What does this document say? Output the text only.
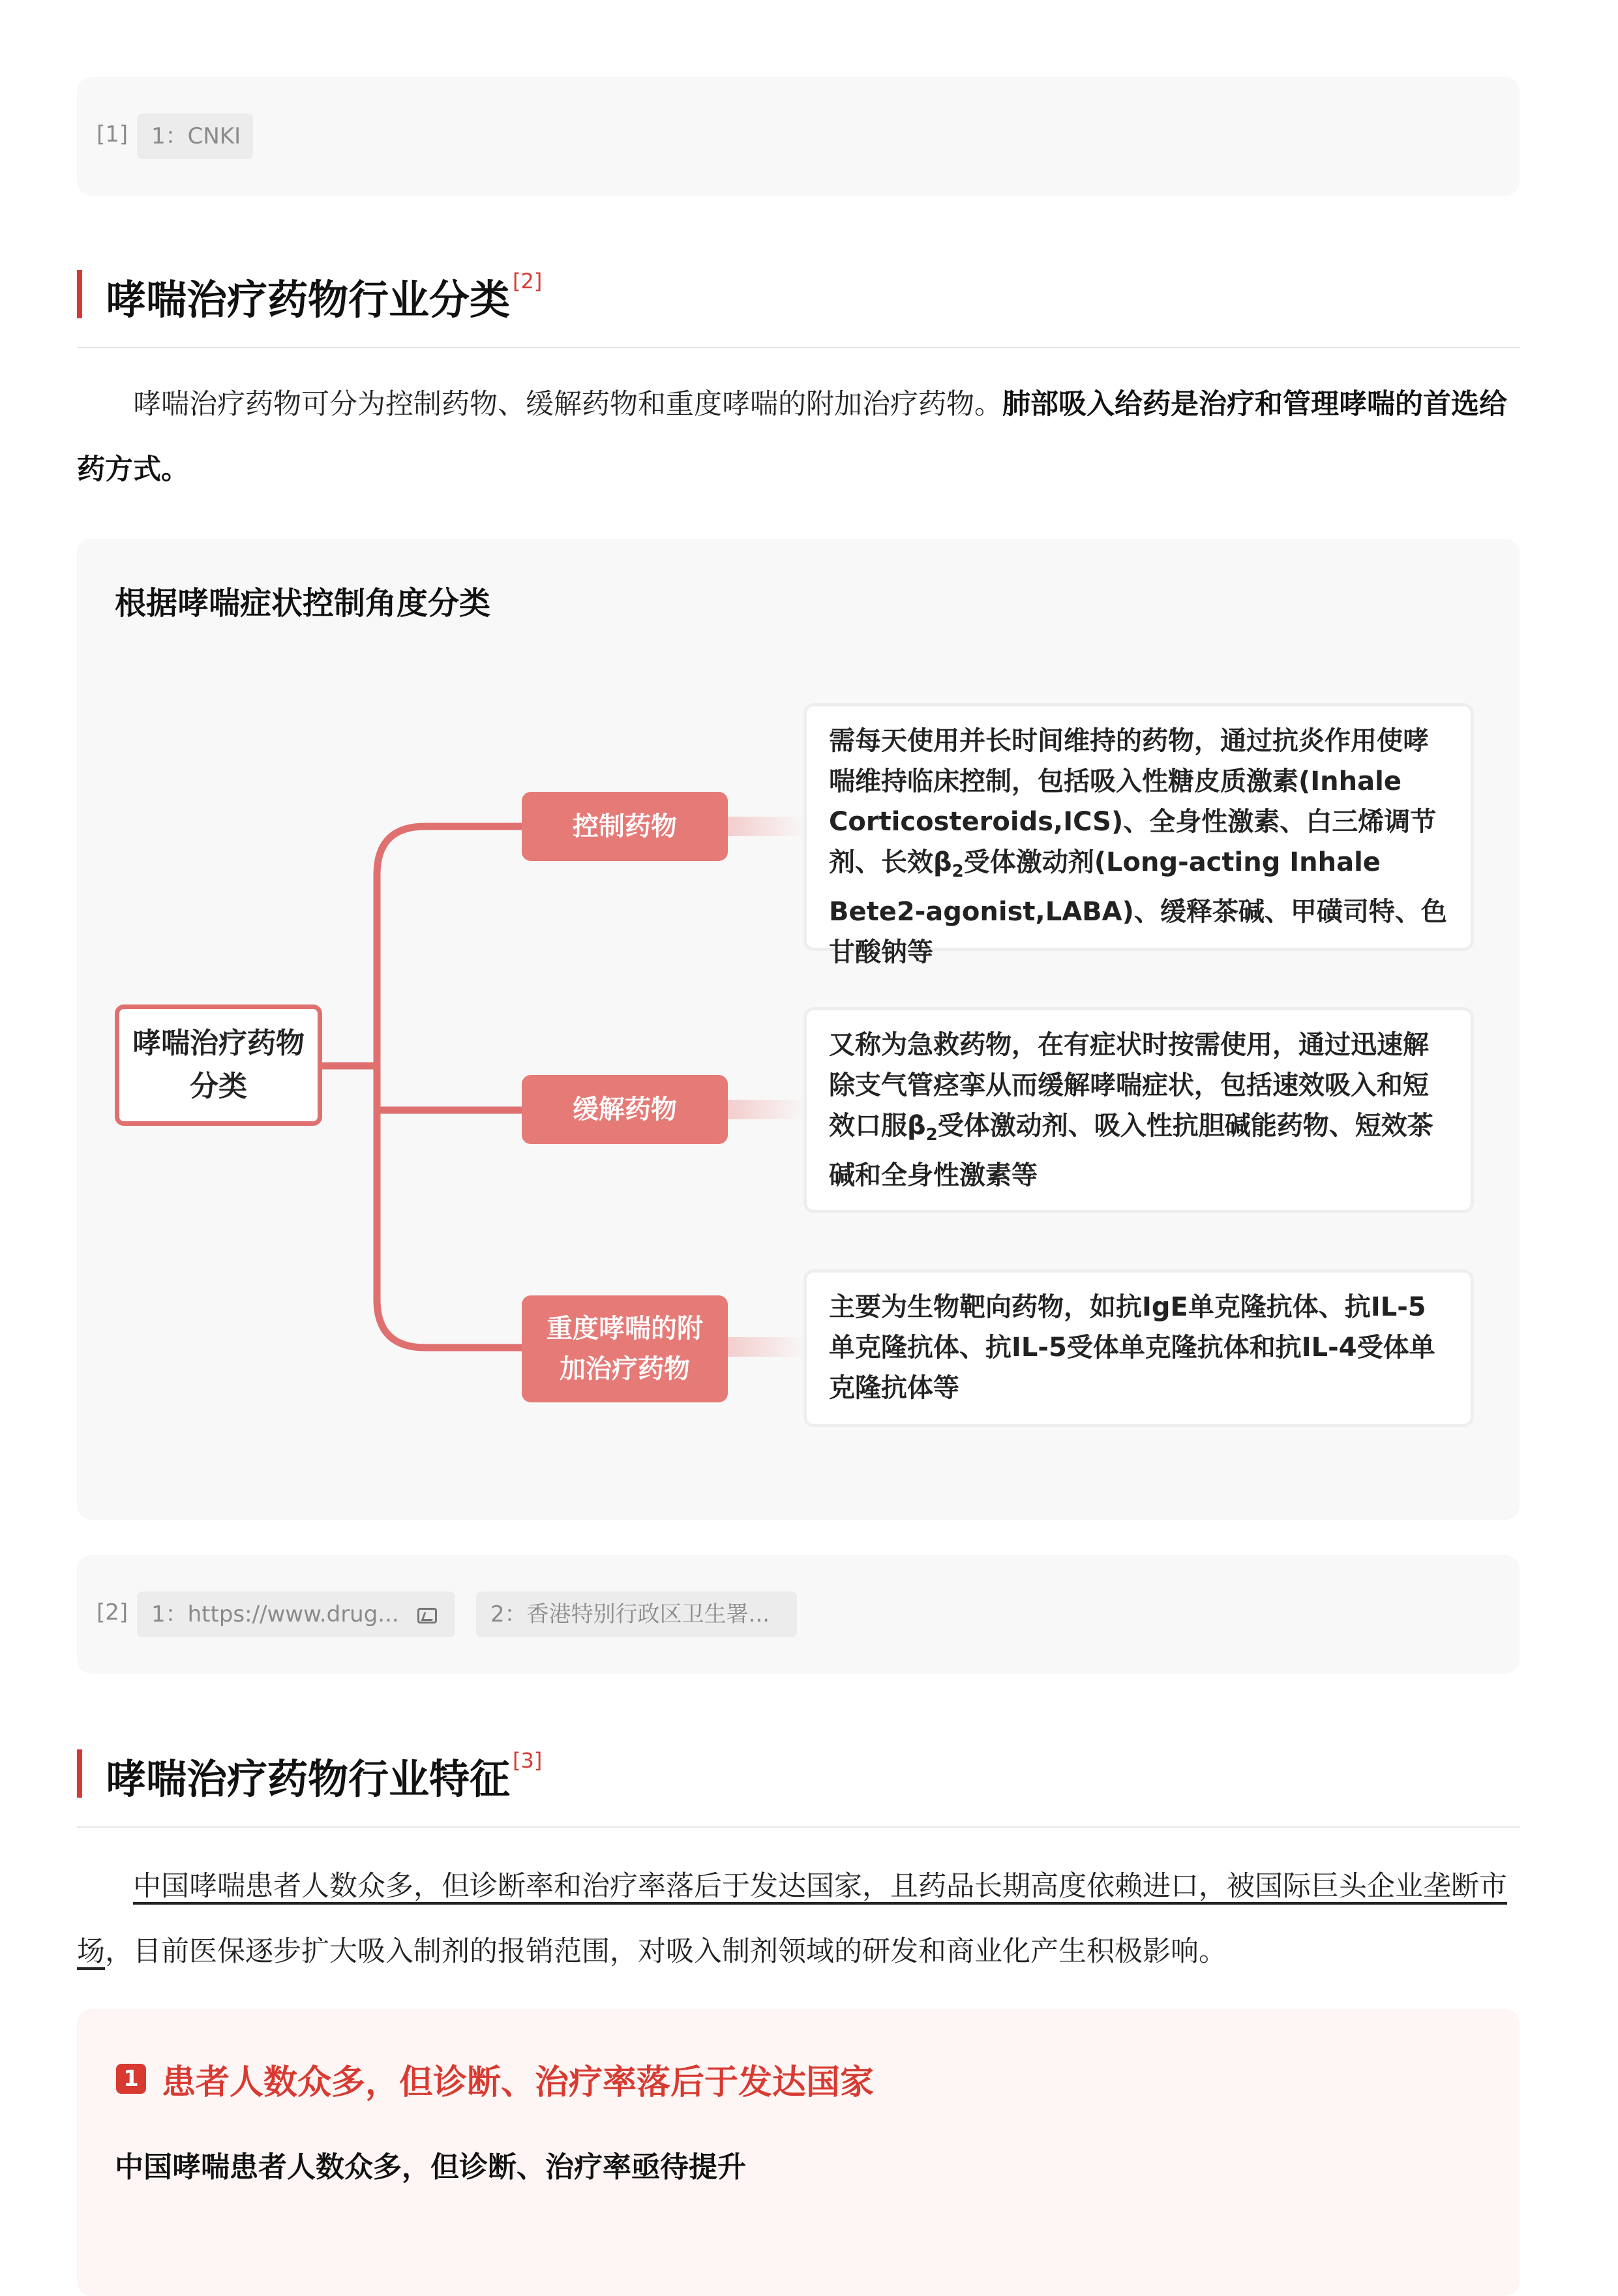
[1]	1：CNKI
哮喘治疗药物行业分类 [2]
哮喘治疗药物可分为控制药物、缓解药物和重度哮喘的附加治疗药物。肺部吸入给药是治疗和管理哮喘的首选给药方式。
根据哮喘症状控制角度分类
哮喘治疗药物分类
控制药物
需每天使用并长时间维持的药物，通过抗炎作用使哮喘维持临床控制，包括吸入性糖皮质激素(Inhale Corticosteroids,ICS)、全身性激素、白三烯调节剂、长效$\beta_2$受体激动剂(Long-acting Inhale Bete2-agonist,LABA)、缓释茶碱、甲磺司特、色甘酸钠等
缓解药物
又称为急救药物，在有症状时按需使用，通过迅速解除支气管痉挛从而缓解哮喘症状，包括速效吸入和短效口服$\beta_2$受体激动剂、吸入性抗胆碱能药物、短效茶碱和全身性激素等
重度哮喘的附加治疗药物
主要为生物靶向药物，如抗IgE单克隆抗体、抗IL-5单克隆抗体、抗IL-5受体单克隆抗体和抗IL-4受体单克隆抗体等
[2]	1：https://www.drug...	2：香港特别行政区卫生署...
哮喘治疗药物行业特征 [3]
中国哮喘患者人数众多，但诊断率和治疗率落后于发达国家，且药品长期高度依赖进口，被国际巨头企业垄断市场，目前医保逐步扩大吸入制剂的报销范围，对吸入制剂领域的研发和商业化产生积极影响。
1 患者人数众多，但诊断、治疗率落后于发达国家
中国哮喘患者人数众多，但诊断、治疗率亟待提升
